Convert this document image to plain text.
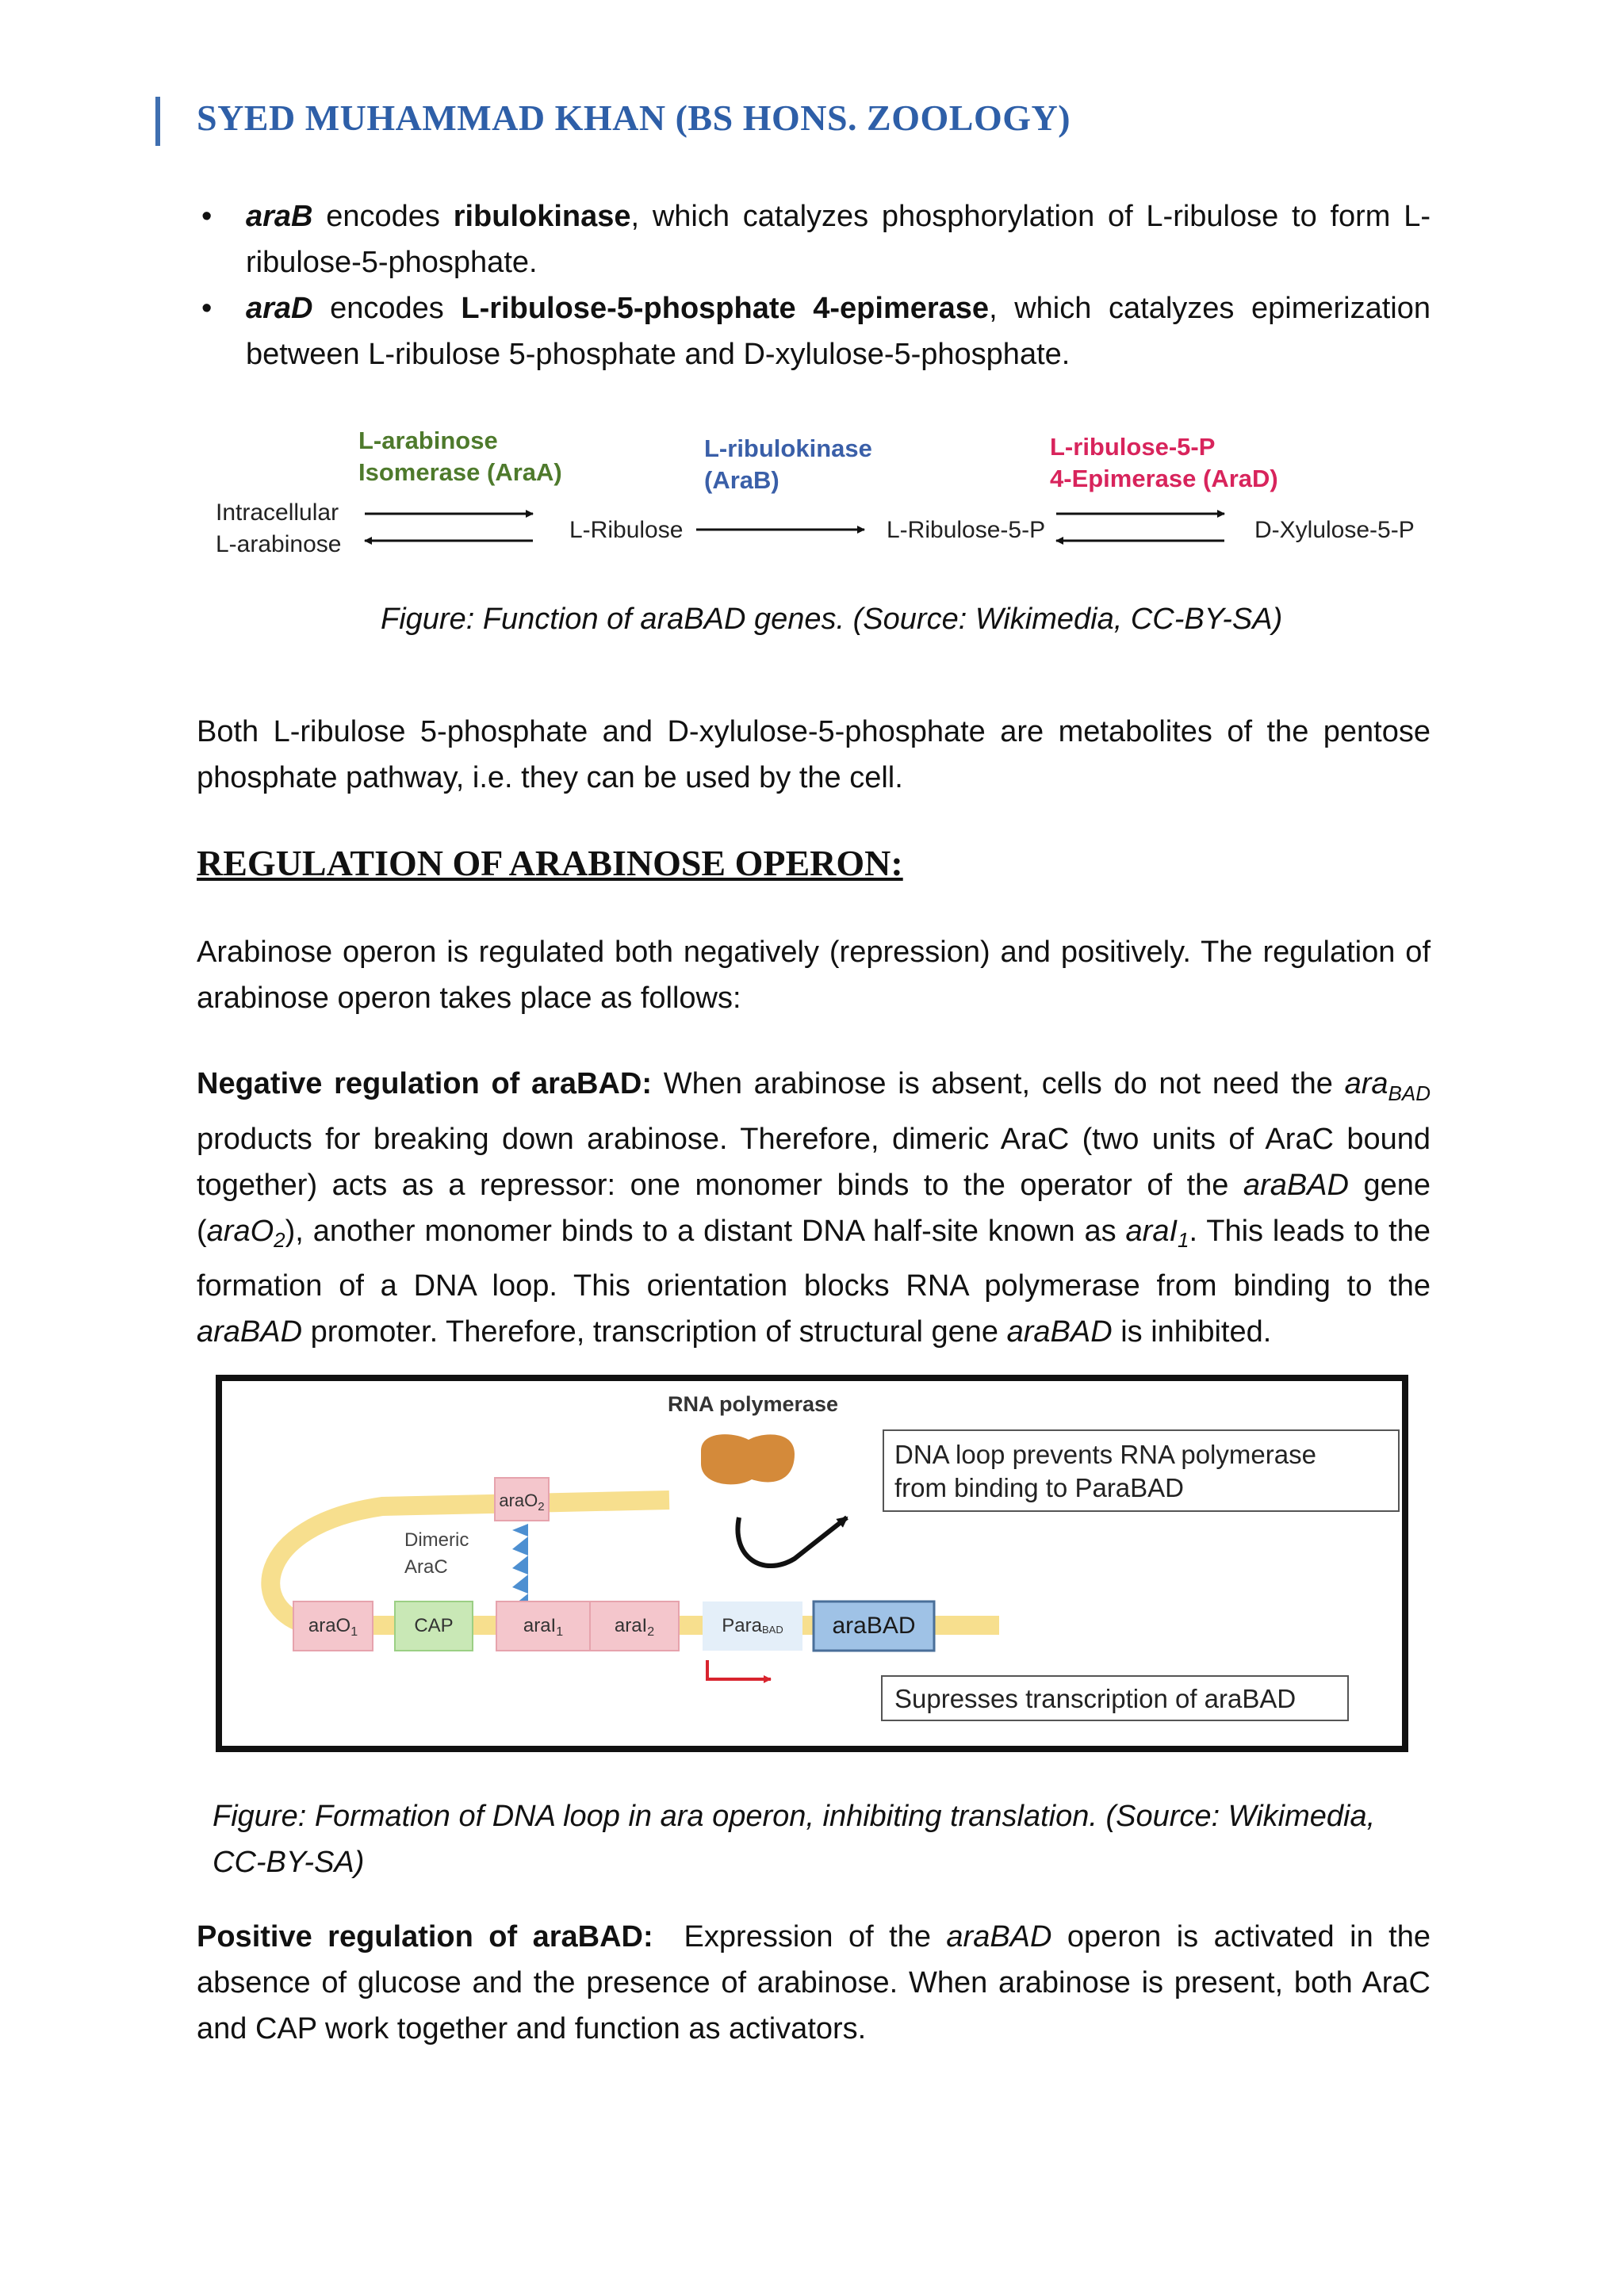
SYED MUHAMMAD KHAN (BS HONS. ZOOLOGY)
• araB encodes ribulokinase, which catalyzes phosphorylation of L-ribulose to form L-ribulose-5-phosphate.
• araD encodes L-ribulose-5-phosphate 4-epimerase, which catalyzes epimerization between L-ribulose 5-phosphate and D-xylulose-5-phosphate.
L-arabinose
Isomerase (AraA)
L-ribulokinase
(AraB)
L-ribulose-5-P
4-Epimerase (AraD)
Intracellular
L-arabinose
L-Ribulose	L-Ribulose-5-P	D-Xylulose-5-P
Figure: Function of araBAD genes. (Source: Wikimedia, CC-BY-SA)
Both L-ribulose 5-phosphate and D-xylulose-5-phosphate are metabolites of the pentose phosphate pathway, i.e. they can be used by the cell.
REGULATION OF ARABINOSE OPERON:
Arabinose operon is regulated both negatively (repression) and positively. The regulation of arabinose operon takes place as follows:
Negative regulation of araBAD: When arabinose is absent, cells do not need the ara$_{BAD}$ products for breaking down arabinose. Therefore, dimeric AraC (two units of AraC bound together) acts as a repressor: one monomer binds to the operator of the araBAD gene (araO$_2$), another monomer binds to a distant DNA half-site known as araI$_1$. This leads to the formation of a DNA loop. This orientation blocks RNA polymerase from binding to the araBAD promoter. Therefore, transcription of structural gene araBAD is inhibited.
araO$_2$
Dimeric
AraC
araO$_1$	CAP	araI$_1$	araI$_2$	ParaBAD araBAD
RNA polymerase
DNA loop prevents RNA polymerase
from binding to ParaBAD
Supresses transcription of araBAD
Figure: Formation of DNA loop in ara operon, inhibiting translation. (Source: Wikimedia, CC-BY-SA)
Positive regulation of araBAD:  Expression of the araBAD operon is activated in the absence of glucose and the presence of arabinose. When arabinose is present, both AraC and CAP work together and function as activators.
